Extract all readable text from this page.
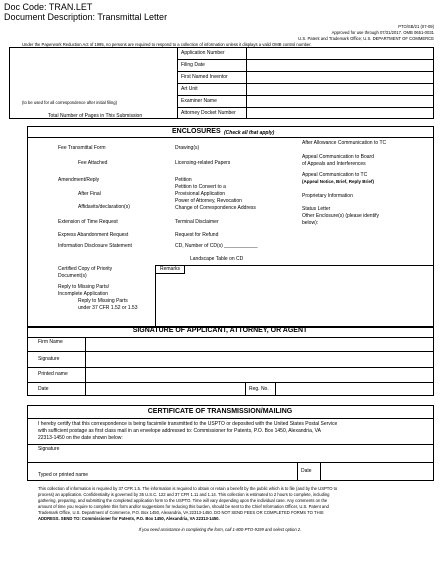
Doc Code: TRAN.LET
Document Description: Transmittal Letter
PTO/SB/21 (07-09)
Approved for use through 07/31/2017. OMB 0651-0031
U.S. Patent and Trademark Office; U.S. DEPARTMENT OF COMMERCE
Under the Paperwork Reduction Act of 1995, no persons are required to respond to a collection of information unless it displays a valid OMB control number.
(to be used for all correspondence after initial filing)
Application Number
Filing Date
First Named Inventor
Art Unit
Examiner Name
Attorney Docket Number
Total Number of Pages in This Submission
ENCLOSURES (Check all that apply)
Fee Transmittal Form
Fee Attached
Amendment/Reply
After Final
Affidavits/declaration(s)
Extension of Time Request
Express Abandonment Request
Information Disclosure Statement
Certified Copy of Priority
Document(s)
Reply to Missing Parts/
Incomplete Application
Reply to Missing Parts
under 37 CFR 1.52 or 1.53
Drawing(s)
Licensing-related Papers
Petition
Petition to Convert to a
Provisional Application
Power of Attorney, Revocation
Change of Correspondence Address
Terminal Disclaimer
Request for Refund
CD, Number of CD(s) ____________
Landscape Table on CD
After Allowance Communication to TC
Appeal Communication to Board
of Appeals and Interferences
Appeal Communication to TC
(Appeal Notice, Brief, Reply Brief)
Proprietary Information
Status Letter
Other Enclosure(s) (please identify
below):
Remarks
SIGNATURE OF APPLICANT, ATTORNEY, OR AGENT
Firm Name
Signature
Printed name
Date	Reg. No.
CERTIFICATE OF TRANSMISSION/MAILING
I hereby certify that this correspondence is being facsimile transmitted to the USPTO or deposited with the United States Postal Service
with sufficient postage as first class mail in an envelope addressed to: Commissioner for Patents, P.O. Box 1450, Alexandria, VA
22313-1450 on the date shown below:
Signature
Typed or printed name
Date
This collection of information is required by 37 CFR 1.5. The information is required to obtain or retain a benefit by the public which is to file (and by the USPTO to
process) an application. Confidentiality is governed by 35 U.S.C. 122 and 37 CFR 1.11 and 1.14. This collection is estimated to 2 hours to complete, including
gathering, preparing, and submitting the completed application form to the USPTO. Time will vary depending upon the individual case. Any comments on the
amount of time you require to complete this form and/or suggestions for reducing this burden, should be sent to the Chief Information Officer, U.S. Patent and
Trademark Office, U.S. Department of Commerce, P.O. Box 1450, Alexandria, VA 22313-1450. DO NOT SEND FEES OR COMPLETED FORMS TO THIS
ADDRESS. SEND TO: Commissioner for Patents, P.O. Box 1450, Alexandria, VA 22313-1450.
If you need assistance in completing the form, call 1-800-PTO-9199 and select option 2.
